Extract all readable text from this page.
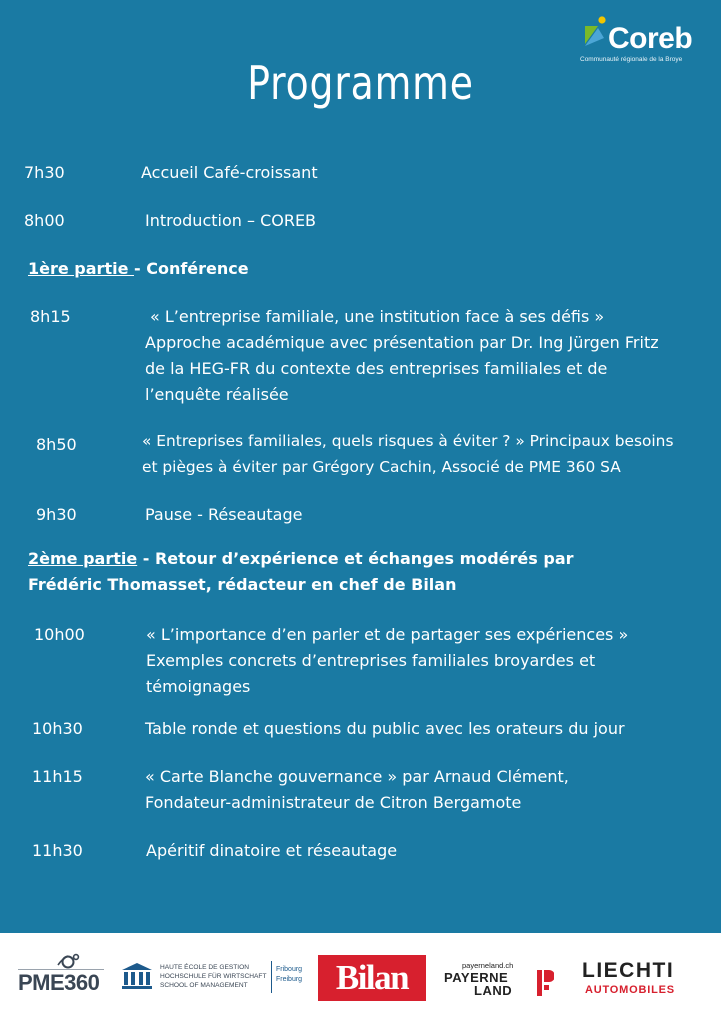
Coreb
Communauté régionale de la Broye
Programme
7h30	Accueil Café-croissant
8h00	Introduction – COREB
1ère partie - Conférence
8h15	« L’entreprise familiale, une institution face à ses défis »
Approche académique avec présentation par Dr. Ing Jürgen Fritz
de la HEG-FR du contexte des entreprises familiales et de
l’enquête réalisée
8h50	« Entreprises familiales, quels risques à éviter ? » Principaux besoins
et pièges à éviter par Grégory Cachin, Associé de PME 360 SA
9h30	Pause - Réseautage
2ème partie - Retour d’expérience et échanges modérés par
Frédéric Thomasset, rédacteur en chef de Bilan
10h00	« L’importance d’en parler et de partager ses expériences »
Exemples concrets d’entreprises familiales broyardes et
témoignages
10h30	Table ronde et questions du public avec les orateurs du jour
11h15	« Carte Blanche gouvernance » par Arnaud Clément,
Fondateur-administrateur de Citron Bergamote
11h30	Apéritif dinatoire et réseautage
PME360
HAUTE ÉCOLE DE GESTION
HOCHSCHULE FÜR WIRTSCHAFT
SCHOOL OF MANAGEMENT
Fribourg
Freiburg Bilan	payerneland.ch
PAYERNE
LAND
LIECHTI
AUTOMOBILES
